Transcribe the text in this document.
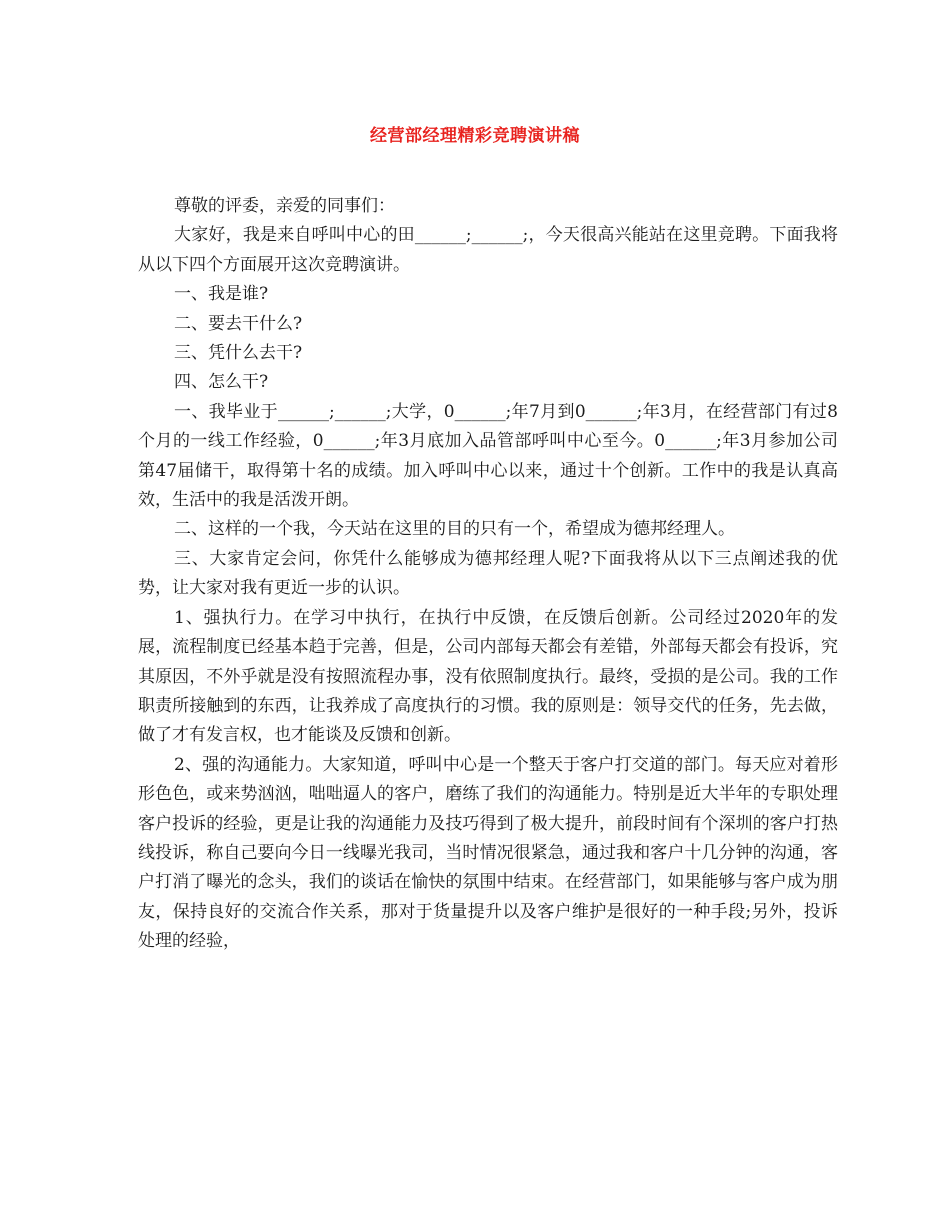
经营部经理精彩竞聘演讲稿

尊敬的评委，亲爱的同事们：

大家好，我是来自呼叫中心的田______;______;，今天很高兴能站在这里竞聘。下面我将从以下四个方面展开这次竞聘演讲。

一、我是谁?

二、要去干什么?

三、凭什么去干?

四、怎么干?

一、我毕业于______;______;大学，0______;年7月到0______;年3月，在经营部门有过8个月的一线工作经验，0______;年3月底加入品管部呼叫中心至今。0______;年3月参加公司第47届储干，取得第十名的成绩。加入呼叫中心以来，通过十个创新。工作中的我是认真高效，生活中的我是活泼开朗。

二、这样的一个我，今天站在这里的目的只有一个，希望成为德邦经理人。

三、大家肯定会问，你凭什么能够成为德邦经理人呢?下面我将从以下三点阐述我的优势，让大家对我有更近一步的认识。

1、强执行力。在学习中执行，在执行中反馈，在反馈后创新。公司经过2020年的发展，流程制度已经基本趋于完善，但是，公司内部每天都会有差错，外部每天都会有投诉，究其原因，不外乎就是没有按照流程办事，没有依照制度执行。最终，受损的是公司。我的工作职责所接触到的东西，让我养成了高度执行的习惯。我的原则是：领导交代的任务，先去做，做了才有发言权，也才能谈及反馈和创新。

2、强的沟通能力。大家知道，呼叫中心是一个整天于客户打交道的部门。每天应对着形形色色，或来势汹汹，咄咄逼人的客户，磨练了我们的沟通能力。特别是近大半年的专职处理客户投诉的经验，更是让我的沟通能力及技巧得到了极大提升，前段时间有个深圳的客户打热线投诉，称自己要向今日一线曝光我司，当时情况很紧急，通过我和客户十几分钟的沟通，客户打消了曝光的念头，我们的谈话在愉快的氛围中结束。在经营部门，如果能够与客户成为朋友，保持良好的交流合作关系，那对于货量提升以及客户维护是很好的一种手段;另外，投诉处理的经验，
